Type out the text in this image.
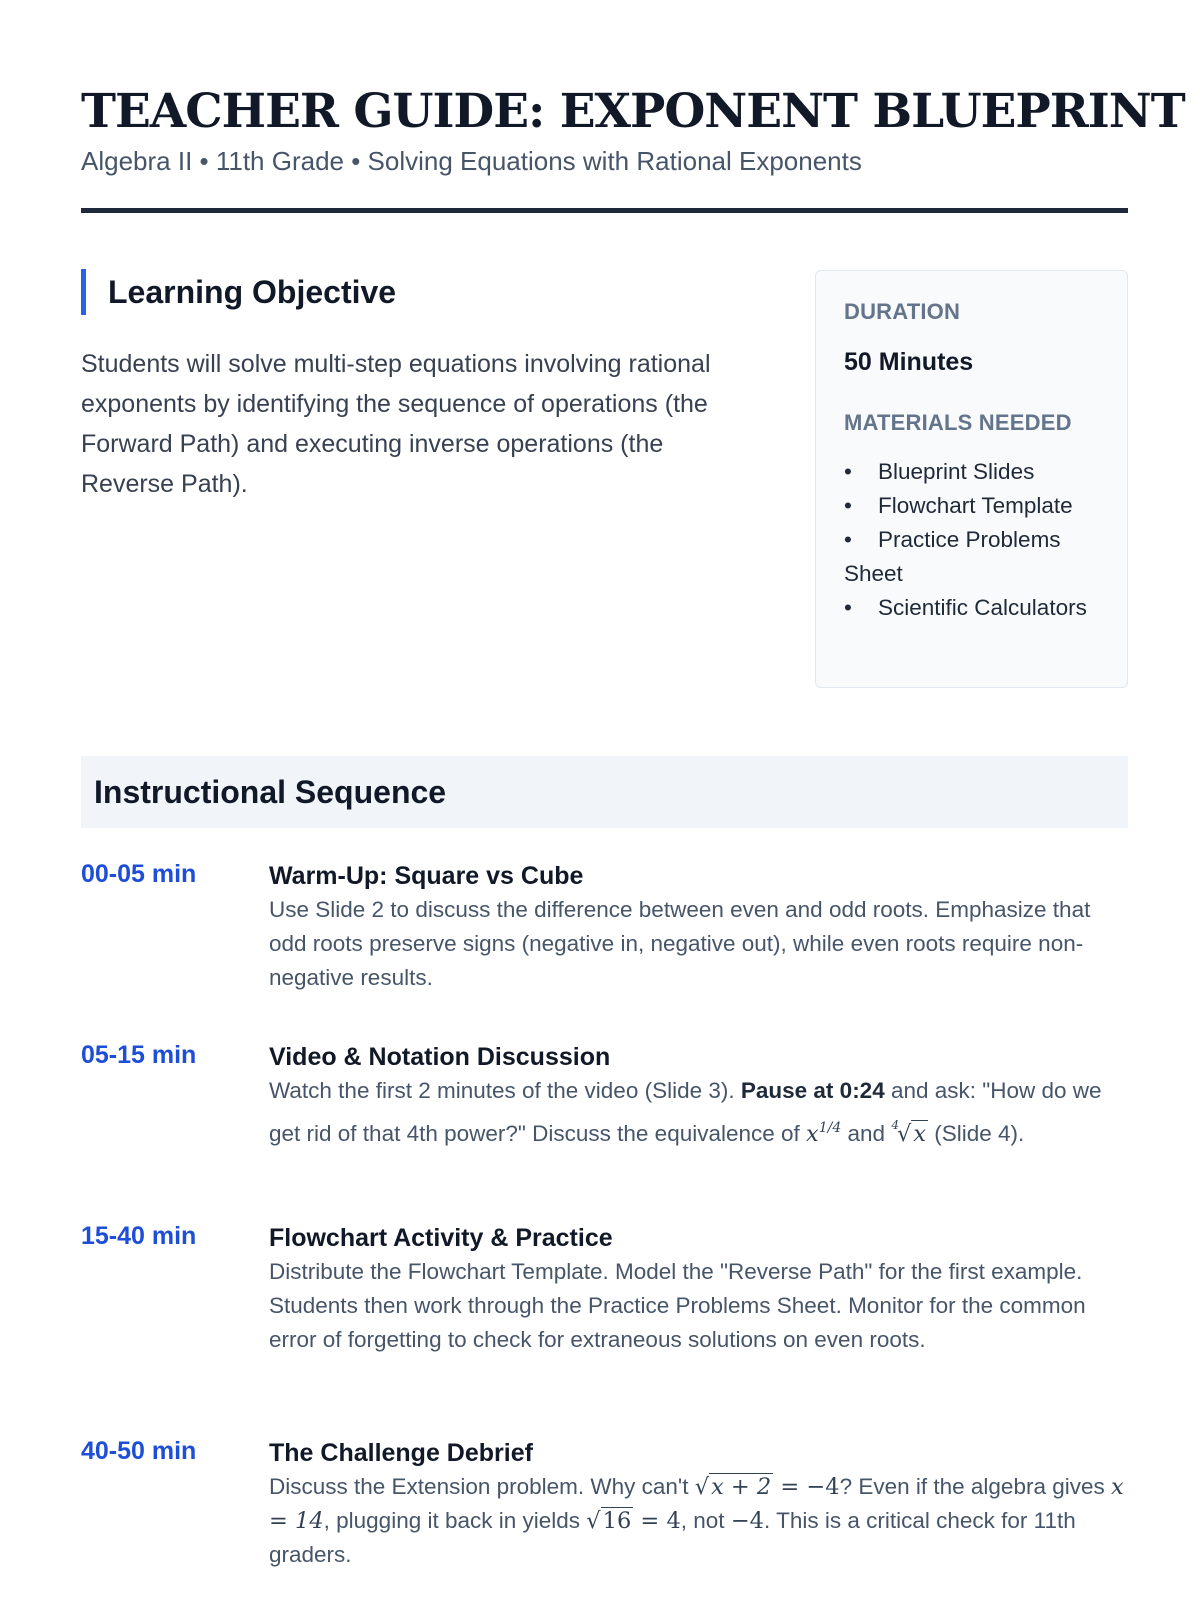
TEACHER GUIDE: EXPONENT BLUEPRINT
Algebra II • 11th Grade • Solving Equations with Rational Exponents
Learning Objective

Students will solve multi-step equations involving rational exponents by identifying the sequence of operations (the Forward Path) and executing inverse operations (the Reverse Path).

DURATION
50 Minutes
MATERIALS NEEDED
• Blueprint Slides
• Flowchart Template
• Practice Problems Sheet
• Scientific Calculators
Instructional Sequence
00-05 min	Warm-Up: Square vs Cube

Use Slide 2 to discuss the difference between even and odd roots. Emphasize that odd roots preserve signs (negative in, negative out), while even roots require non-negative results.

05-15 min	Video & Notation Discussion

Watch the first 2 minutes of the video (Slide 3). Pause at 0:24 and ask: "How do we get rid of that 4th power?" Discuss the equivalence of $x^{1/4}$ and $^4$√x (Slide 4).

15-40 min	Flowchart Activity & Practice

Distribute the Flowchart Template. Model the "Reverse Path" for the first example. Students then work through the Practice Problems Sheet. Monitor for the common error of forgetting to check for extraneous solutions on even roots.

40-50 min	The Challenge Debrief

Discuss the Extension problem. Why can't √x + 2 = −4? Even if the algebra gives x = 14, plugging it back in yields √16 = 4, not −4. This is a critical check for 11th graders.
